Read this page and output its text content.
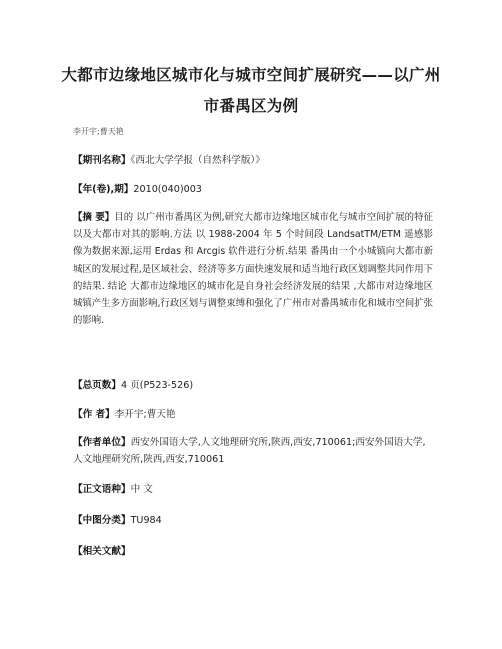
大都市边缘地区城市化与城市空间扩展研究——以广州市番禺区为例
李开宇;曹天艳
【期刊名称】《西北大学学报（自然科学版）》
【年(卷),期】2010(040)003
【摘 要】目的 以广州市番禺区为例,研究大都市边缘地区城市化与城市空间扩展的特征以及大都市对其的影响.方法 以 1988-2004 年 5 个时间段 LandsatTM/ETM 遥感影像为数据来源,运用 Erdas 和 Arcgis 软件进行分析.结果 番禺由一个小城镇向大都市新城区的发展过程,是区域社会、经济等多方面快速发展和适当地行政区划调整共同作用下的结果. 结论 大都市边缘地区的城市化是自身社会经济发展的结果 ,大都市对边缘地区城镇产生多方面影响,行政区划与调整束缚和强化了广州市对番禺城市化和城市空间扩张的影响.
【总页数】4 页(P523-526)
【作 者】李开宇;曹天艳
【作者单位】西安外国语大学,人文地理研究所,陕西,西安,710061;西安外国语大学,人文地理研究所,陕西,西安,710061
【正文语种】中 文
【中图分类】TU984
【相关文献】
